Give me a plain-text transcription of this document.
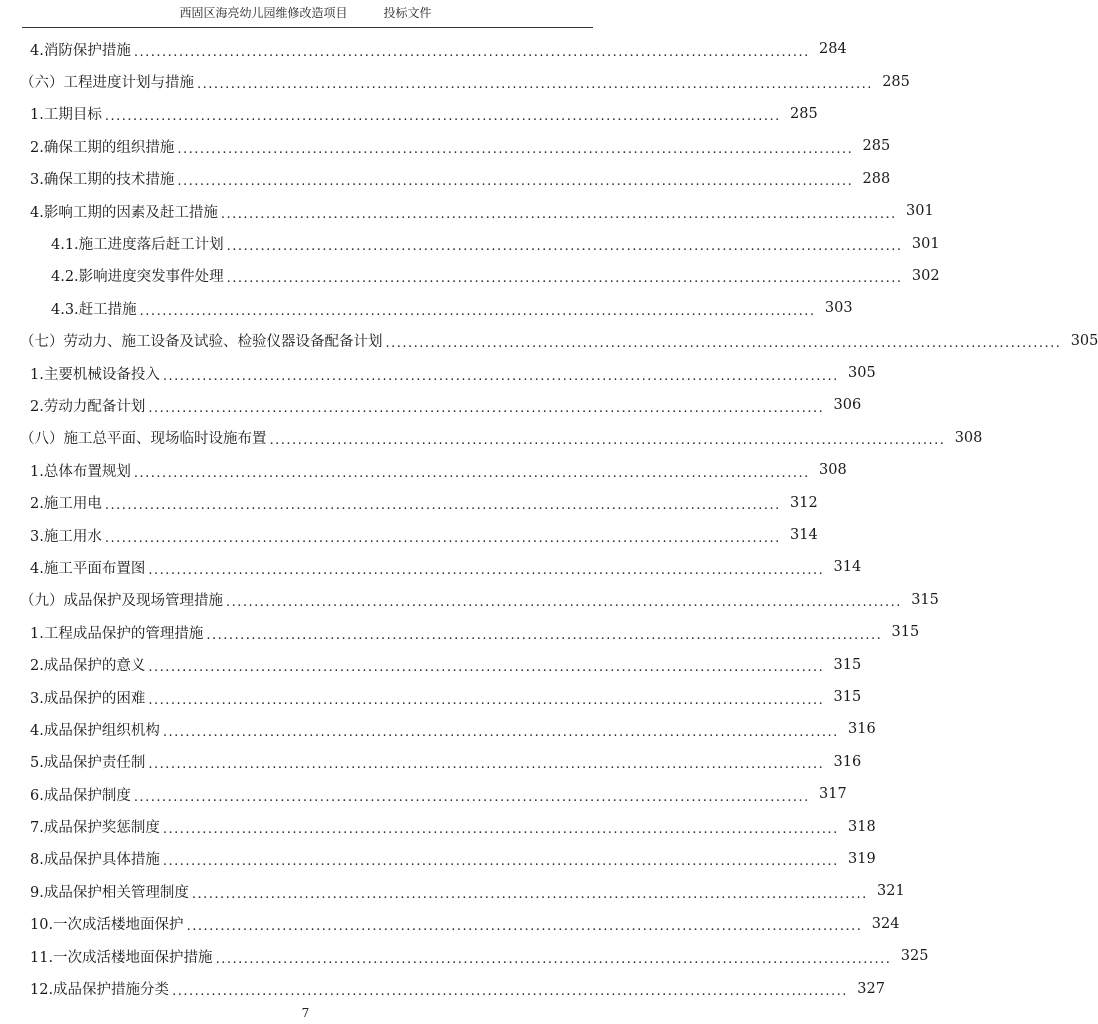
西固区海亮幼儿园维修改造项目　　　投标文件
4.消防保护措施 ........................................................................................................................ 284
（六）工程进度计划与措施 ........................................................................................................................ 285
1.工期目标 ........................................................................................................................ 285
2.确保工期的组织措施 ........................................................................................................................ 285
3.确保工期的技术措施 ........................................................................................................................ 288
4.影响工期的因素及赶工措施 ........................................................................................................................ 301
4.1.施工进度落后赶工计划 ........................................................................................................................ 301
4.2.影响进度突发事件处理 ........................................................................................................................ 302
4.3.赶工措施 ........................................................................................................................ 303
（七）劳动力、施工设备及试验、检验仪器设备配备计划 ........................................................................................................................ 305
1.主要机械设备投入 ........................................................................................................................ 305
2.劳动力配备计划 ........................................................................................................................ 306
（八）施工总平面、现场临时设施布置 ........................................................................................................................ 308
1.总体布置规划 ........................................................................................................................ 308
2.施工用电 ........................................................................................................................ 312
3.施工用水 ........................................................................................................................ 314
4.施工平面布置图 ........................................................................................................................ 314
（九）成品保护及现场管理措施 ........................................................................................................................ 315
1.工程成品保护的管理措施 ........................................................................................................................ 315
2.成品保护的意义 ........................................................................................................................ 315
3.成品保护的困难 ........................................................................................................................ 315
4.成品保护组织机构 ........................................................................................................................ 316
5.成品保护责任制 ........................................................................................................................ 316
6.成品保护制度 ........................................................................................................................ 317
7.成品保护奖惩制度 ........................................................................................................................ 318
8.成品保护具体措施 ........................................................................................................................ 319
9.成品保护相关管理制度 ........................................................................................................................ 321
10.一次成活楼地面保护 ........................................................................................................................ 324
11.一次成活楼地面保护措施 ........................................................................................................................ 325
12.成品保护措施分类 ........................................................................................................................ 327
7
